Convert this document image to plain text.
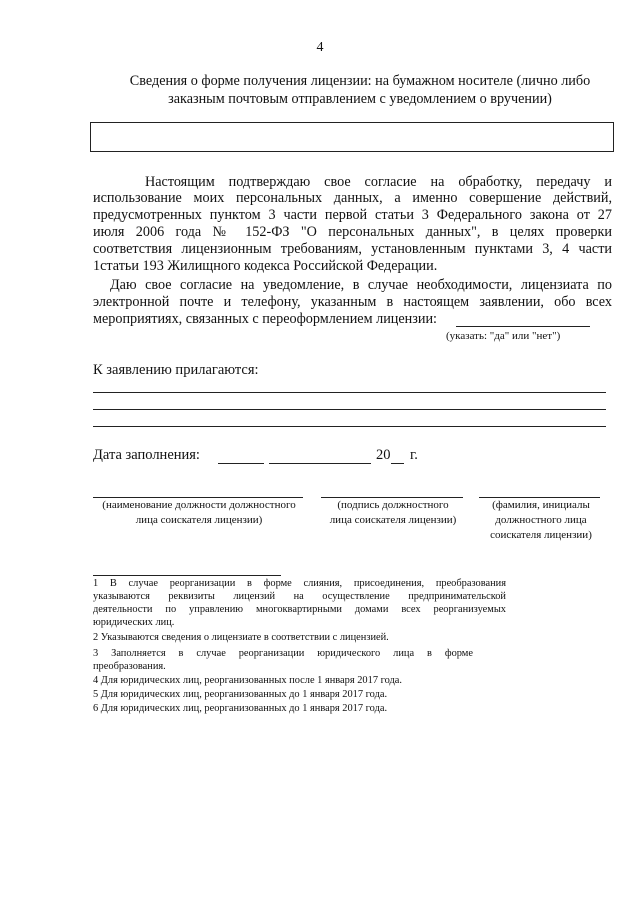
4
Сведения о форме получения лицензии: на бумажном носителе (лично либо
заказным почтовым отправлением с уведомлением о вручении)
Настоящим подтверждаю свое согласие на обработку, передачу и
использование моих персональных данных, а именно совершение действий,
предусмотренных пунктом 3 части первой статьи 3 Федерального закона от 27
июля 2006 года № 152-ФЗ "О персональных данных", в целях проверки
соответствия лицензионным требованиям, установленным пунктами 3, 4 части
1статьи 193 Жилищного кодекса Российской Федерации.
Даю свое согласие на уведомление, в случае необходимости, лицензиата по
электронной почте и телефону, указанным в настоящем заявлении, обо всех
мероприятиях, связанных с переоформлением лицензии:
(указать: "да" или "нет")
К заявлению прилагаются:
Дата заполнения:	20 г.
(наименование должности должностного
лица соискателя лицензии)
(подпись должностного
лица соискателя лицензии)
(фамилия, инициалы
должностного лица
соискателя лицензии)
1 В случае реорганизации в форме слияния, присоединения, преобразования
указываются реквизиты лицензий на осуществление предпринимательской
деятельности по управлению многоквартирными домами всех реорганизуемых
юридических лиц.
2 Указываются сведения о лицензиате в соответствии с лицензией.
3 Заполняется в случае реорганизации юридического лица в форме
преобразования.
4 Для юридических лиц, реорганизованных после 1 января 2017 года.
5 Для юридических лиц, реорганизованных до 1 января 2017 года.
6 Для юридических лиц, реорганизованных до 1 января 2017 года.
